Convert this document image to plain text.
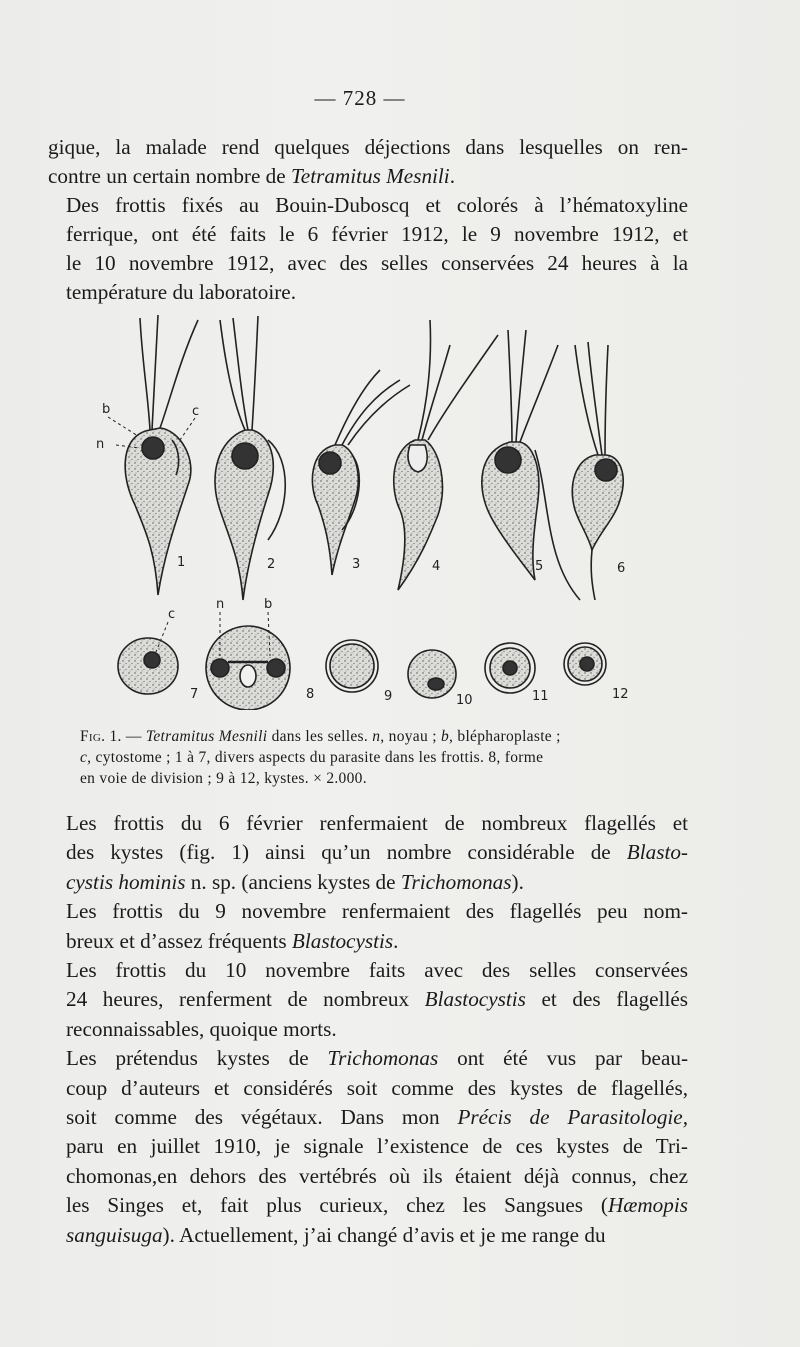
— 728 —

gique, la malade rend quelques déjections dans lesquelles on ren-
contre un certain nombre de Tetramitus Mesnili.

Des frottis fixés au Bouin-Duboscq et colorés à l’hématoxyline
ferrique, ont été faits le 6 février 1912, le 9 novembre 1912, et
le 10 novembre 1912, avec des selles conservées 24 heures à la
température du laboratoire.

b	c
n
1	2	3	4	5	6
c
n	b
7	8	9	10	11	12
Fig. 1. — Tetramitus Mesnili dans les selles. n, noyau ; b, blépharoplaste ;
c, cytostome ; 1 à 7, divers aspects du parasite dans les frottis. 8, forme
en voie de division ; 9 à 12, kystes. × 2.000.

Les frottis du 6 février renfermaient de nombreux flagellés et
des kystes (fig. 1) ainsi qu’un nombre considérable de Blasto-
cystis hominis n. sp. (anciens kystes de Trichomonas).

Les frottis du 9 novembre renfermaient des flagellés peu nom-
breux et d’assez fréquents Blastocystis.

Les frottis du 10 novembre faits avec des selles conservées
24 heures, renferment de nombreux Blastocystis et des flagellés
reconnaissables, quoique morts.

Les prétendus kystes de Trichomonas ont été vus par beau-
coup d’auteurs et considérés soit comme des kystes de flagellés,
soit comme des végétaux. Dans mon Précis de Parasitologie,
paru en juillet 1910, je signale l’existence de ces kystes de Tri-
chomonas,en dehors des vertébrés où ils étaient déjà connus, chez
les Singes et, fait plus curieux, chez les Sangsues (Hæmopis
sanguisuga). Actuellement, j’ai changé d’avis et je me range du
